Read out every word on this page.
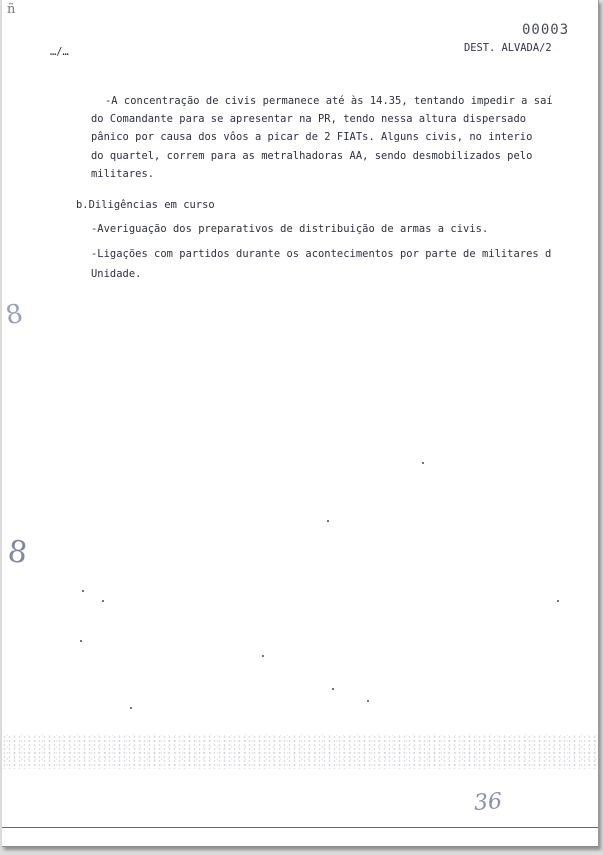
ñ
00003
DEST. ALVADA/2
…/…
-A concentração de civis permanece até às 14.35, tentando impedir a saí
do Comandante para se apresentar na PR, tendo nessa altura dispersado
pânico por causa dos vôos a picar de 2 FIATs. Alguns civis, no interio
do quartel, correm para as metralhadoras AA, sendo desmobilizados pelo
militares.
b.Diligências em curso
-Averiguação dos preparativos de distribuição de armas a civis.
-Ligações com partidos durante os acontecimentos por parte de militares d
Unidade.
8
8
36
